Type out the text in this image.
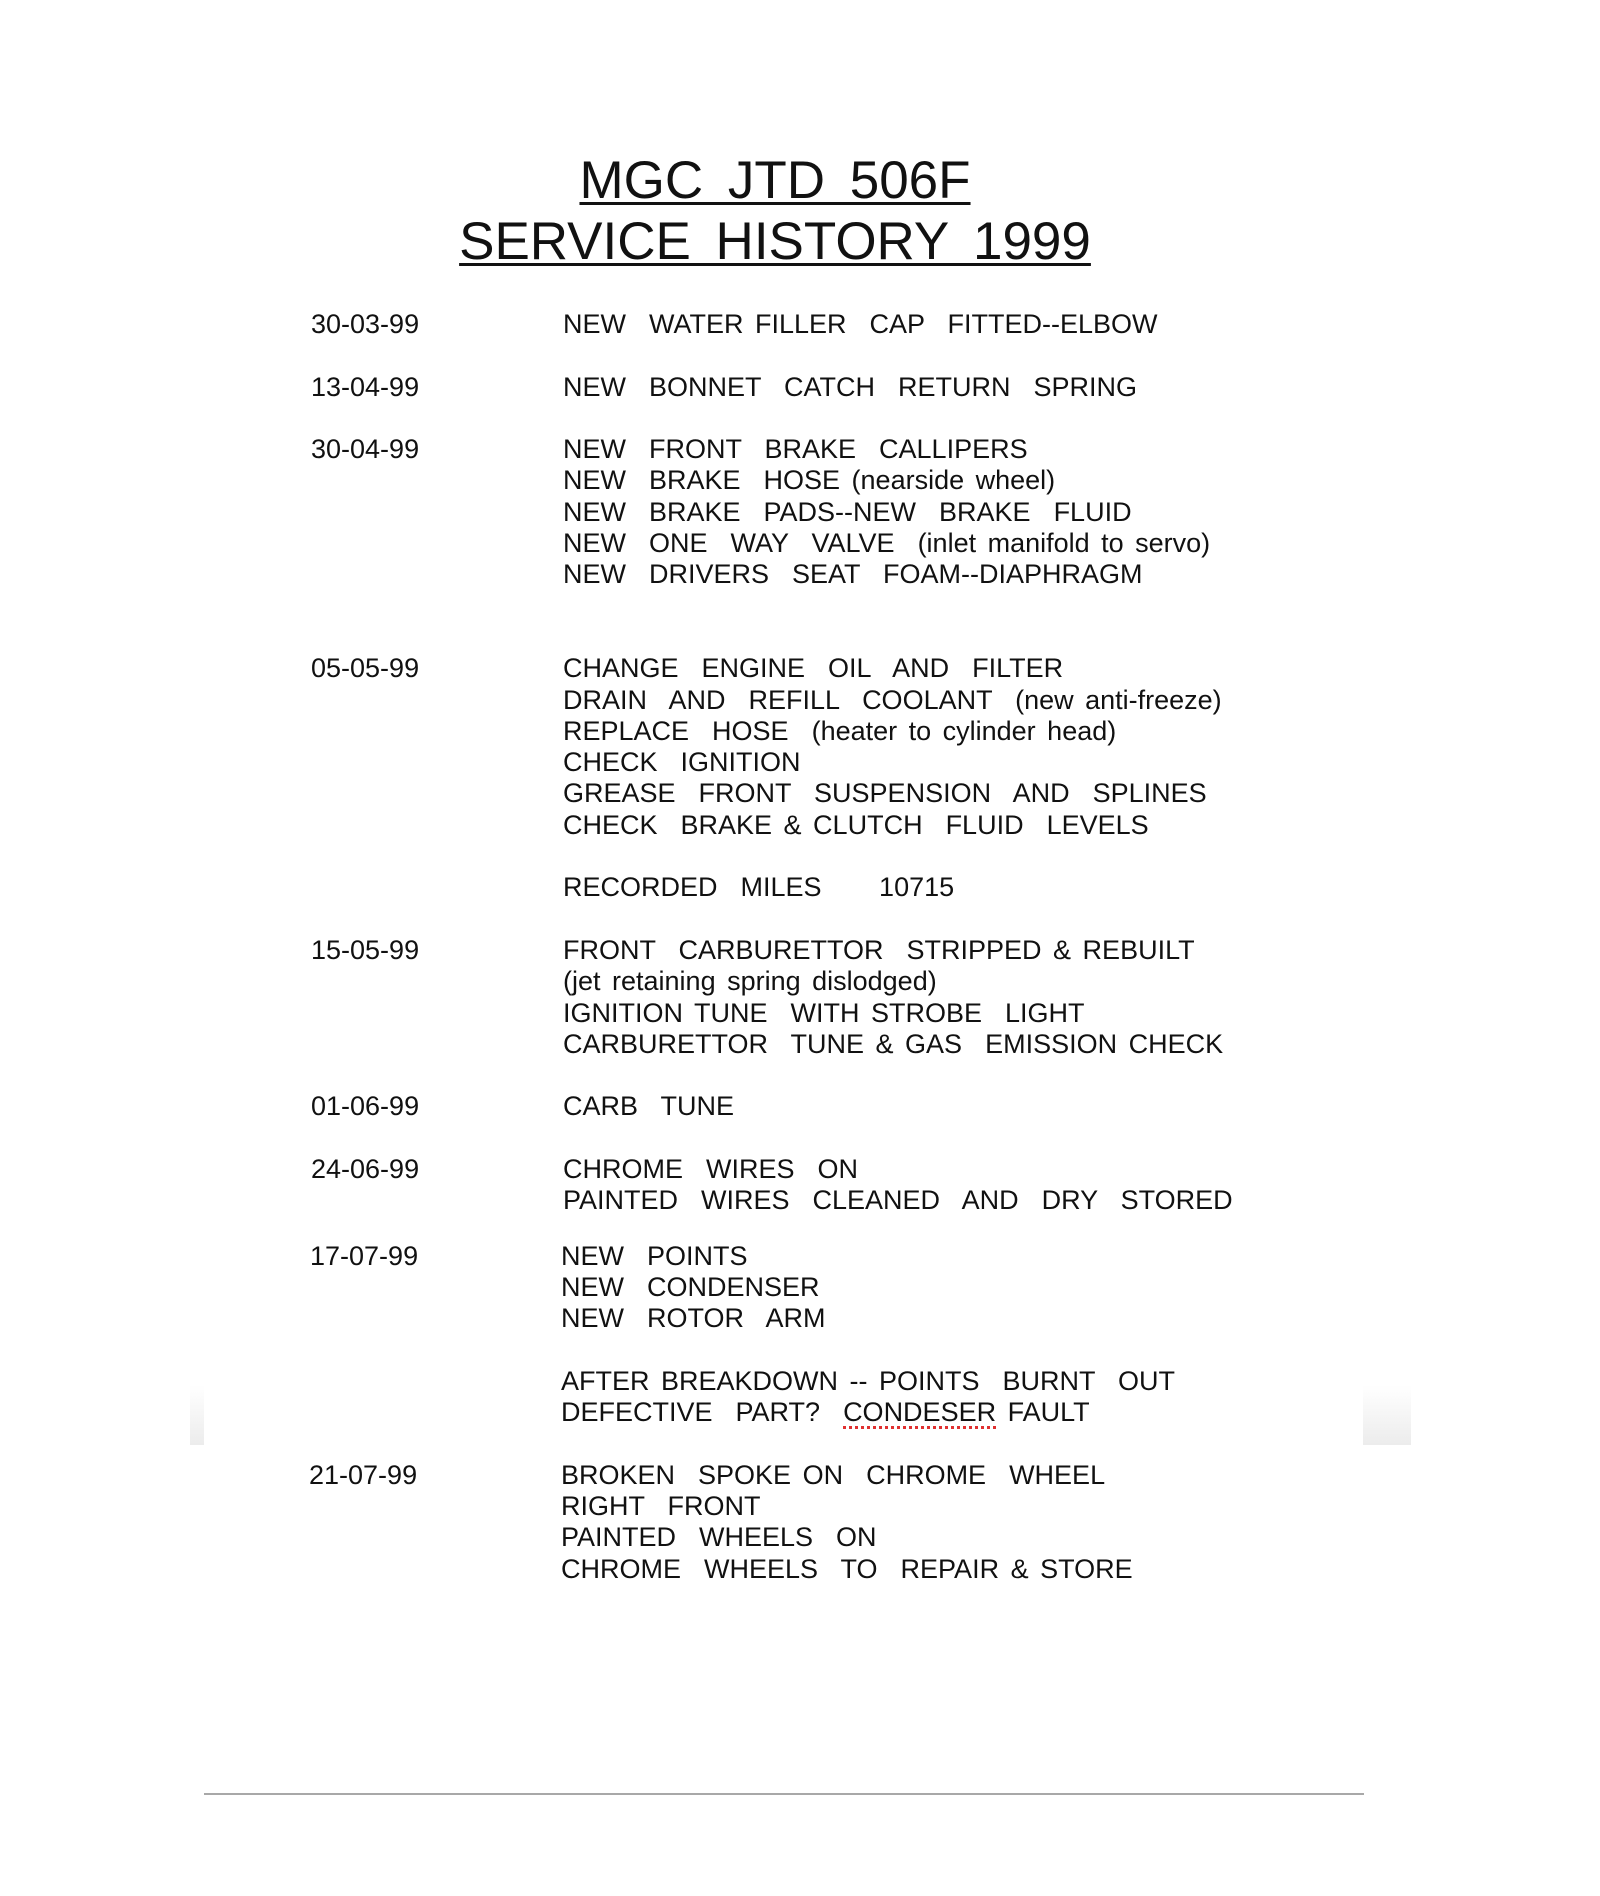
MGC JTD 506F
SERVICE HISTORY 1999
30-03-99	NEW  WATER FILLER  CAP  FITTED--ELBOW
13-04-99	NEW  BONNET  CATCH  RETURN  SPRING
30-04-99	NEW  FRONT  BRAKE  CALLIPERS
NEW  BRAKE  HOSE (nearside wheel)
NEW  BRAKE  PADS--NEW  BRAKE  FLUID
NEW  ONE  WAY  VALVE  (inlet manifold to servo)
NEW  DRIVERS  SEAT  FOAM--DIAPHRAGM
05-05-99	CHANGE  ENGINE  OIL  AND  FILTER
DRAIN  AND  REFILL  COOLANT  (new anti-freeze)
REPLACE  HOSE  (heater to cylinder head)
CHECK  IGNITION
GREASE  FRONT  SUSPENSION  AND  SPLINES
CHECK  BRAKE & CLUTCH  FLUID  LEVELS
RECORDED  MILES     10715
15-05-99	FRONT  CARBURETTOR  STRIPPED & REBUILT
(jet retaining spring dislodged)
IGNITION TUNE  WITH STROBE  LIGHT
CARBURETTOR  TUNE & GAS  EMISSION CHECK
01-06-99	CARB  TUNE
24-06-99	CHROME  WIRES  ON
PAINTED  WIRES  CLEANED  AND  DRY  STORED
17-07-99	NEW  POINTS
NEW  CONDENSER
NEW  ROTOR  ARM
AFTER BREAKDOWN -- POINTS  BURNT  OUT
DEFECTIVE  PART?  CONDESER FAULT
21-07-99	BROKEN  SPOKE ON  CHROME  WHEEL
RIGHT  FRONT
PAINTED  WHEELS  ON
CHROME  WHEELS  TO  REPAIR & STORE
